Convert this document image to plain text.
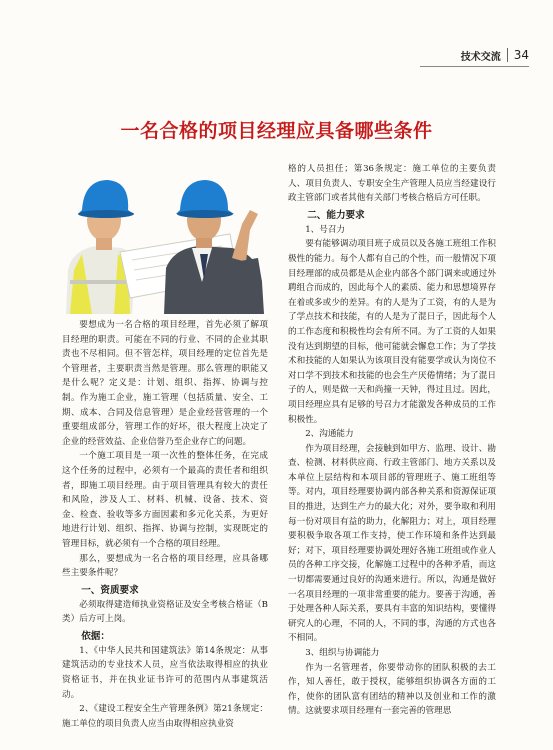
技术交流 34
一名合格的项目经理应具备哪些条件

要想成为一名合格的项目经理，首先必须了解项目经理的职责。可能在不同的行业、不同的企业其职责也不尽相同。但不管怎样，项目经理的定位首先是个管理者，主要职责当然是管理。那么管理的职能又是什么呢？定义是：计划、组织、指挥、协调与控制。作为施工企业，施工管理（包括质量、安全、工期、成本、合同及信息管理）是企业经营管理的一个重要组成部分，管理工作的好坏，很大程度上决定了企业的经营效益、企业信誉乃至企业存亡的问题。

一个施工项目是一项一次性的整体任务，在完成这个任务的过程中，必须有一个最高的责任者和组织者，即施工项目经理。由于项目管理具有较大的责任和风险，涉及人工、材料、机械、设备、技术、资金、检查、验收等多方面因素和多元化关系，为更好地进行计划、组织、指挥、协调与控制，实现既定的管理目标，就必须有一个合格的项目经理。

那么，要想成为一名合格的项目经理，应具备哪些主要条件呢？

一、资质要求

必须取得建造师执业资格证及安全考核合格证（B类）后方可上岗。

依据：

1、《中华人民共和国建筑法》第14条规定：从事建筑活动的专业技术人员，应当依法取得相应的执业资格证书，并在执业证书许可的范围内从事建筑活动。

2、《建设工程安全生产管理条例》第21条规定：施工单位的项目负责人应当由取得相应执业资

格的人员担任；第36条规定：施工单位的主要负责人、项目负责人、专职安全生产管理人员应当经建设行政主管部门或者其他有关部门考核合格后方可任职。

二、能力要求
1、号召力

要有能够调动项目班子成员以及各施工班组工作积极性的能力。每个人都有自己的个性，而一般情况下项目经理部的成员都是从企业内部各个部门调来或通过外聘组合而成的，因此每个人的素质、能力和思想境界存在着或多或少的差异。有的人是为了工资，有的人是为了学点技术和技能，有的人是为了混日子，因此每个人的工作态度和积极性均会有所不同。为了工资的人如果没有达到期望的目标，他可能就会懈怠工作；为了学技术和技能的人如果认为该项目没有能要学或认为岗位不对口学不到技术和技能的也会生产厌倦情绪；为了混日子的人，则是做一天和尚撞一天钟，得过且过。因此，项目经理应具有足够的号召力才能激发各种成员的工作积极性。

2、沟通能力

作为项目经理，会接触到如甲方、监理、设计、勘查、检测、材料供应商、行政主管部门、地方关系以及本单位上层结构和本项目部的管理班子、施工班组等等。对内，项目经理要协调内部各种关系和资源保证项目的推进，达到生产力的最大化；对外，要争取和利用每一份对项目有益的助力，化解阻力；对上，项目经理要积极争取各项工作支持，使工作环境和条件达到最好；对下，项目经理要协调处理好各施工班组或作业人员的各种工序交接，化解施工过程中的各种矛盾，而这一切都需要通过良好的沟通来进行。所以，沟通是做好一名项目经理的一项非常重要的能力。要善于沟通，善于处理各种人际关系，要具有丰富的知识结构，要懂得研究人的心理，不同的人，不同的事，沟通的方式也各不相同。

3、组织与协调能力

作为一名管理者，你要带动你的团队积极的去工作，知人善任，敢于授权，能够组织协调各方面的工作，使你的团队富有团结的精神以及创业和工作的激情。这就要求项目经理有一套完善的管理思
